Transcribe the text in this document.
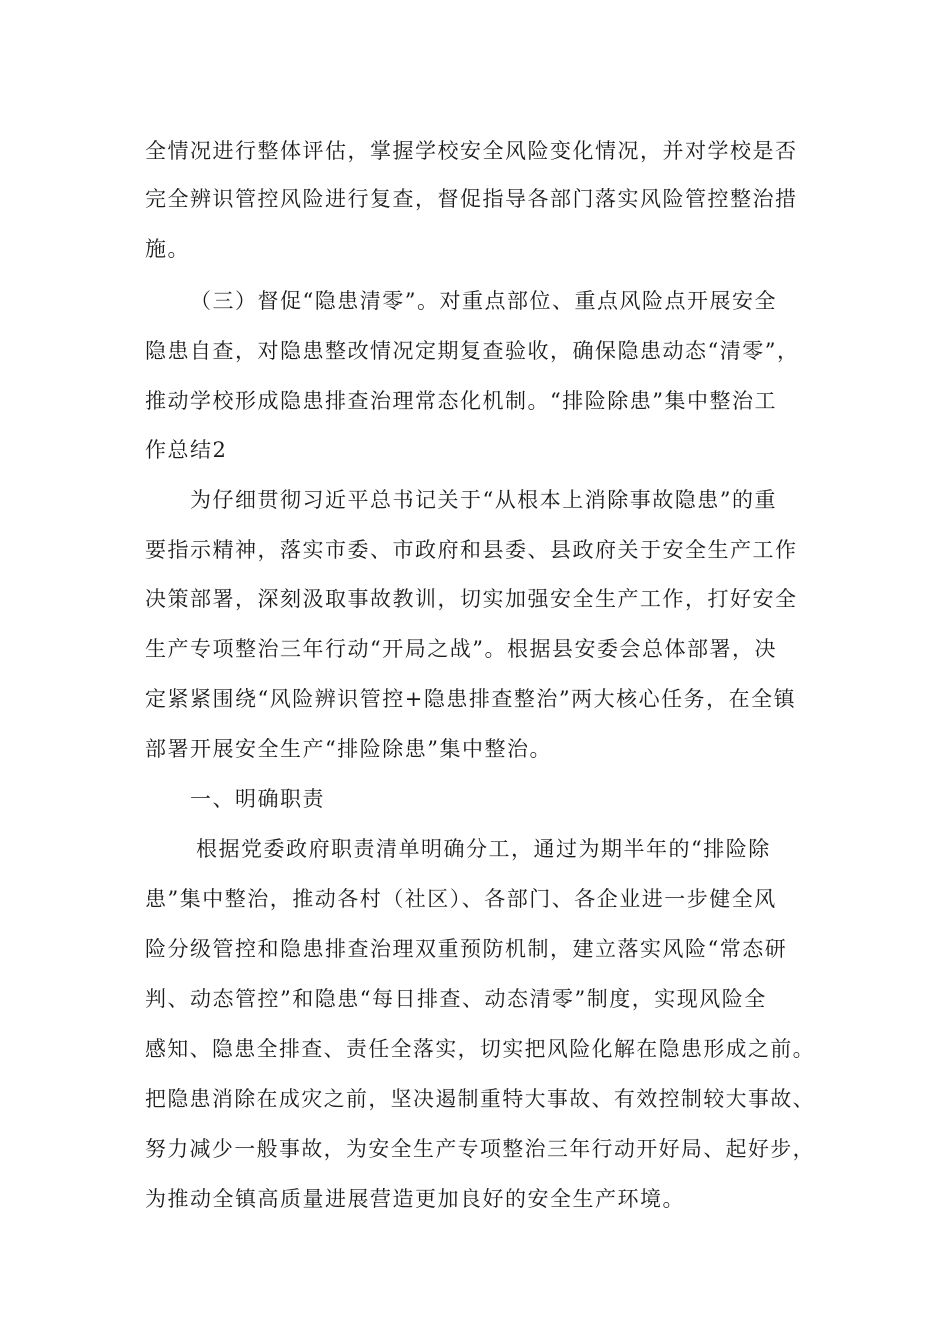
全情况进行整体评估，掌握学校安全风险变化情况，并对学校是否

完全辨识管控风险进行复查，督促指导各部门落实风险管控整治措

施。

（三）督促“隐患清零”。对重点部位、重点风险点开展安全

隐患自查，对隐患整改情况定期复查验收，确保隐患动态“清零”，

推动学校形成隐患排查治理常态化机制。“排险除患”集中整治工

作总结2

为仔细贯彻习近平总书记关于“从根本上消除事故隐患”的重

要指示精神，落实市委、市政府和县委、县政府关于安全生产工作

决策部署，深刻汲取事故教训，切实加强安全生产工作，打好安全

生产专项整治三年行动“开局之战”。根据县安委会总体部署，决

定紧紧围绕“风险辨识管控+隐患排查整治”两大核心任务，在全镇

部署开展安全生产“排险除患”集中整治。

一、明确职责

根据党委政府职责清单明确分工，通过为期半年的“排险除

患”集中整治，推动各村（社区）、各部门、各企业进一步健全风

险分级管控和隐患排查治理双重预防机制，建立落实风险“常态研

判、动态管控”和隐患“每日排查、动态清零”制度，实现风险全

感知、隐患全排查、责任全落实，切实把风险化解在隐患形成之前。

把隐患消除在成灾之前，坚决遏制重特大事故、有效控制较大事故、

努力减少一般事故，为安全生产专项整治三年行动开好局、起好步，

为推动全镇高质量进展营造更加良好的安全生产环境。
